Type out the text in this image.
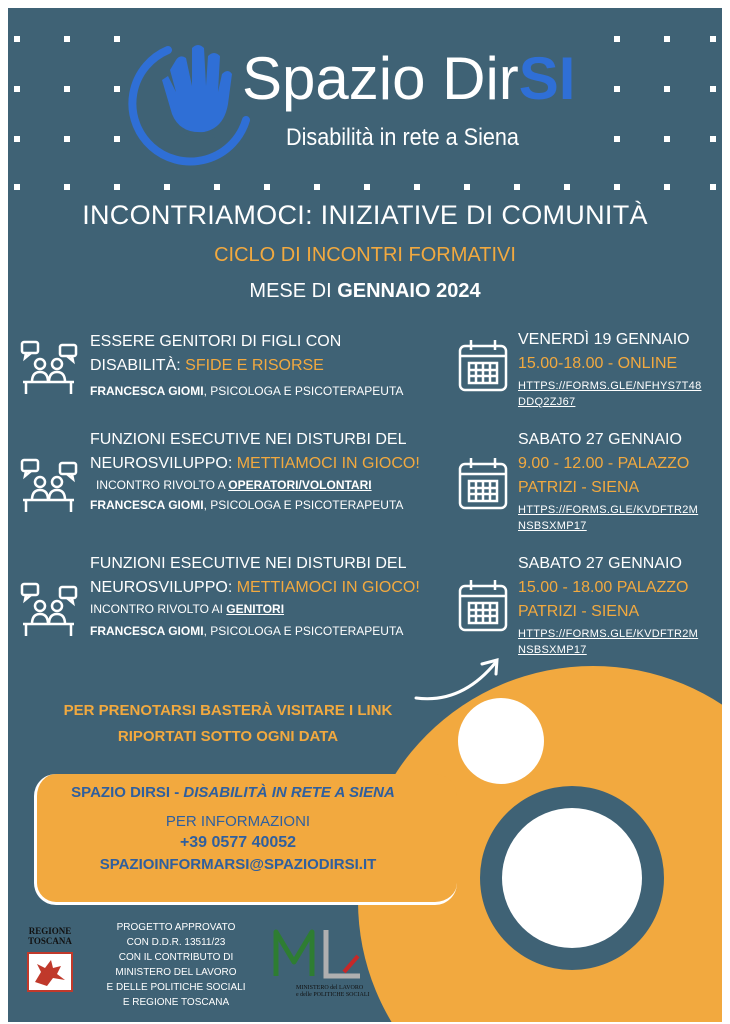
Spazio DirSI
Disabilità in rete a Siena
INCONTRIAMOCI: INIZIATIVE DI COMUNITÀ
CICLO DI INCONTRI FORMATIVI
MESE DI GENNAIO 2024
ESSERE GENITORI DI FIGLI CON
DISABILITÀ: SFIDE E RISORSE
FRANCESCA GIOMI, PSICOLOGA E PSICOTERAPEUTA
VENERDÌ 19 GENNAIO
15.00-18.00 - ONLINE
HTTPS://FORMS.GLE/NFHYS7T48
DDQ2ZJ67
FUNZIONI ESECUTIVE NEI DISTURBI DEL
NEUROSVILUPPO: METTIAMOCI IN GIOCO!
INCONTRO RIVOLTO A OPERATORI/VOLONTARI
FRANCESCA GIOMI, PSICOLOGA E PSICOTERAPEUTA
SABATO 27 GENNAIO
9.00 - 12.00 - PALAZZO
PATRIZI - SIENA
HTTPS://FORMS.GLE/KVDFTR2M
NSBSXMP17
FUNZIONI ESECUTIVE NEI DISTURBI DEL
NEUROSVILUPPO: METTIAMOCI IN GIOCO!
INCONTRO RIVOLTO AI GENITORI
FRANCESCA GIOMI, PSICOLOGA E PSICOTERAPEUTA
SABATO 27 GENNAIO
15.00 - 18.00 PALAZZO
PATRIZI - SIENA
HTTPS://FORMS.GLE/KVDFTR2M
NSBSXMP17
PER PRENOTARSI BASTERÀ VISITARE I LINK
RIPORTATI SOTTO OGNI DATA
SPAZIO DIRSI - DISABILITÀ IN RETE A SIENA
PER INFORMAZIONI
+39 0577 40052
SPAZIOINFORMARSI@SPAZIODIRSI.IT
REGIONE
TOSCANA
PROGETTO APPROVATO
CON D.D.R. 13511/23
CON IL CONTRIBUTO DI
MINISTERO DEL LAVORO
E DELLE POLITICHE SOCIALI
E REGIONE TOSCANA
MINISTERO del LAVORO
e delle POLITICHE SOCIALI
